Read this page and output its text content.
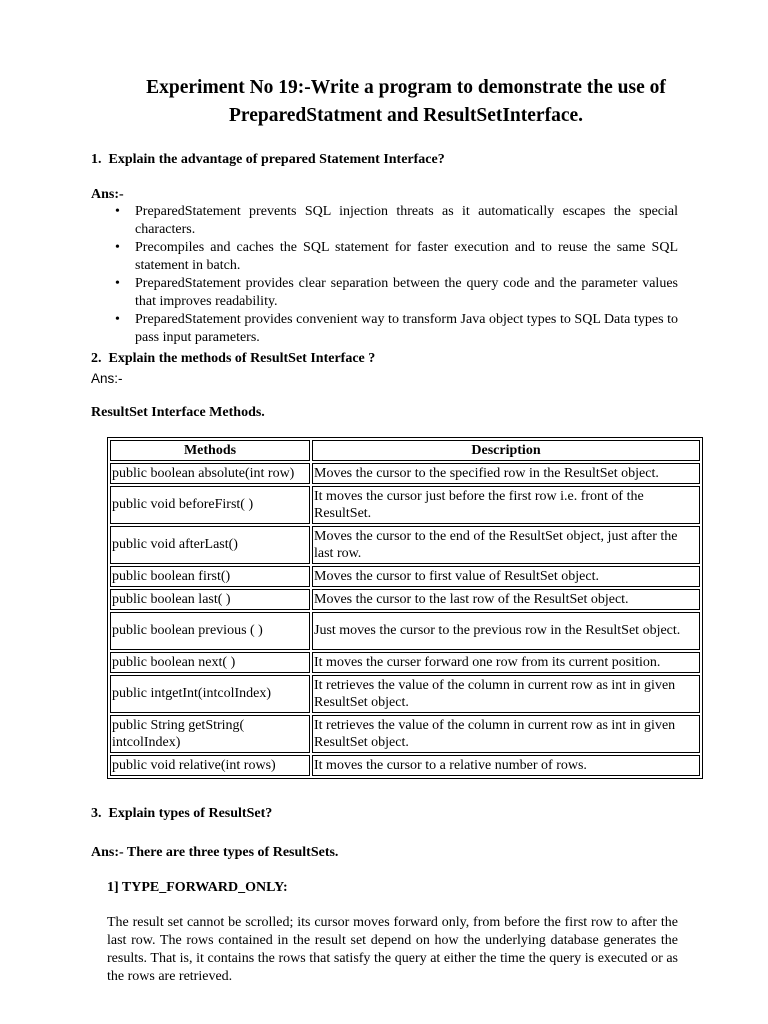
Experiment No 19:-Write a program to demonstrate the use of
PreparedStatment and ResultSetInterface.
1. Explain the advantage of prepared Statement Interface?
Ans:-
• PreparedStatement prevents SQL injection threats as it automatically escapes the special characters.
• Precompiles and caches the SQL statement for faster execution and to reuse the same SQL statement in batch.
• PreparedStatement provides clear separation between the query code and the parameter values that improves readability.
• PreparedStatement provides convenient way to transform Java object types to SQL Data types to pass input parameters.
2. Explain the methods of ResultSet Interface ?
Ans:-
ResultSet Interface Methods.
Methods	Description
public boolean absolute(int row)	Moves the cursor to the specified row in the ResultSet object.
public void beforeFirst( )	It moves the cursor just before the first row i.e. front of the ResultSet.
public void afterLast()	Moves the cursor to the end of the ResultSet object, just after the last row.
public boolean first()	Moves the cursor to first value of ResultSet object.
public boolean last( )	Moves the cursor to the last row of the ResultSet object.
public boolean previous ( )	Just moves the cursor to the previous row in the ResultSet object.
public boolean next( )	It moves the curser forward one row from its current position.
public intgetInt(intcolIndex)	It retrieves the value of the column in current row as int in given ResultSet object.
public String getString( intcolIndex)	It retrieves the value of the column in current row as int in given ResultSet object.
public void relative(int rows)	It moves the cursor to a relative number of rows.
3. Explain types of ResultSet?
Ans:- There are three types of ResultSets.
1] TYPE_FORWARD_ONLY:
The result set cannot be scrolled; its cursor moves forward only, from before the first row to after the last row. The rows contained in the result set depend on how the underlying database generates the results. That is, it contains the rows that satisfy the query at either the time the query is executed or as the rows are retrieved.
